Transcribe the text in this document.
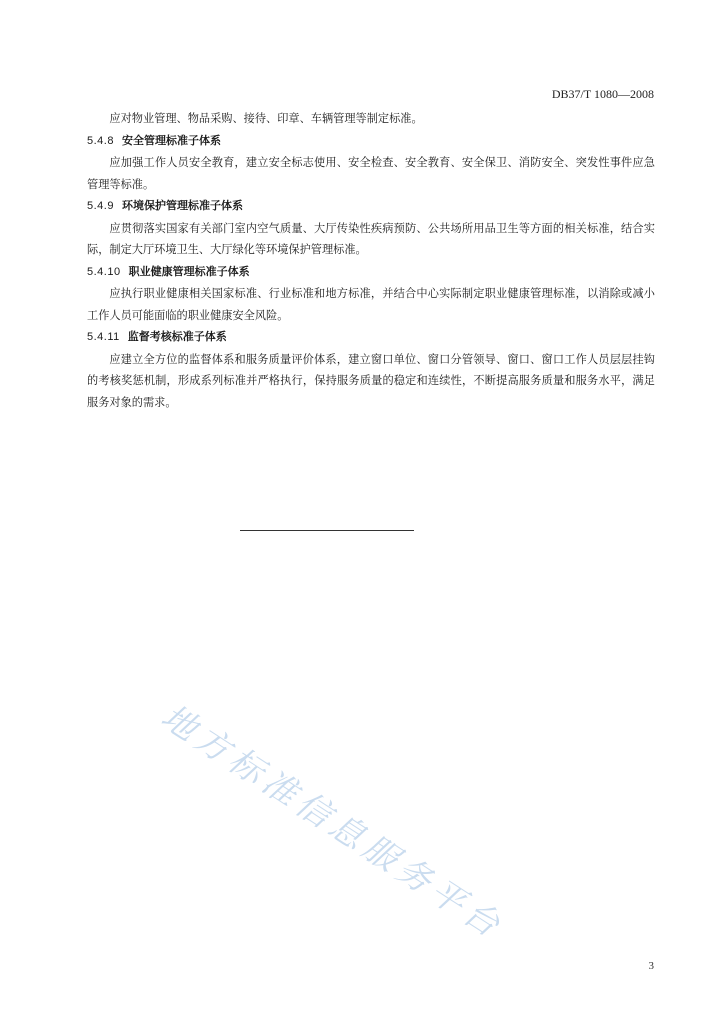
DB37/T 1080—2008

应对物业管理、物品采购、接待、印章、车辆管理等制定标准。

5.4.8 安全管理标准子体系

应加强工作人员安全教育，建立安全标志使用、安全检查、安全教育、安全保卫、消防安全、突发性事件应急管理等标准。

5.4.9 环境保护管理标准子体系

应贯彻落实国家有关部门室内空气质量、大厅传染性疾病预防、公共场所用品卫生等方面的相关标准，结合实际，制定大厅环境卫生、大厅绿化等环境保护管理标准。

5.4.10 职业健康管理标准子体系

应执行职业健康相关国家标准、行业标准和地方标准，并结合中心实际制定职业健康管理标准，以消除或减小工作人员可能面临的职业健康安全风险。

5.4.11 监督考核标准子体系

应建立全方位的监督体系和服务质量评价体系，建立窗口单位、窗口分管领导、窗口、窗口工作人员层层挂钩的考核奖惩机制，形成系列标准并严格执行，保持服务质量的稳定和连续性，不断提高服务质量和服务水平，满足服务对象的需求。

地方标准信息服务平台
3
